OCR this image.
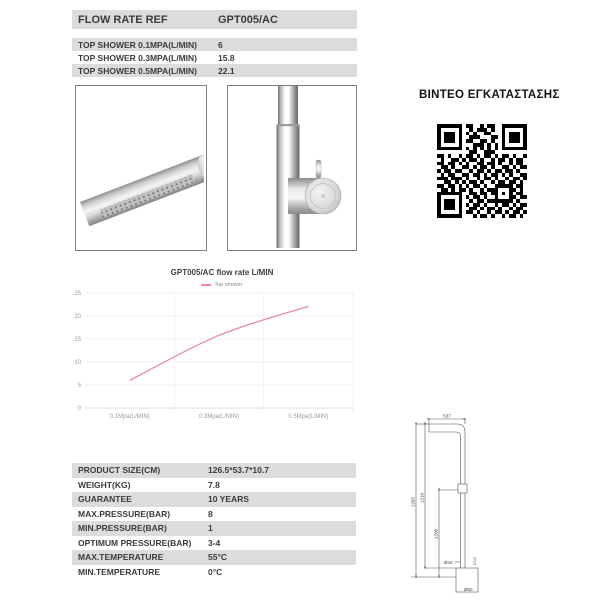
FLOW RATE REF	GPT005/AC
TOP SHOWER 0.1MPA(L/MIN)	6
TOP SHOWER 0.3MPA(L/MIN)	15.8
TOP SHOWER 0.5MPA(L/MIN)	22.1
ΒΙΝΤΕΟ ΕΓΚΑΤΑΣΤΑΣΗΣ
GPT005/AC flow rate L/MIN
Top shower
0
5
10
15
20
25
0.1Mpa(L/MIN)	0.3Mpa(L/MIN)	0.5Mpa(L/MIN)
PRODUCT SIZE(CM)	126.5*53.7*10.7
WEIGHT(KG)	7.8
GUARANTEE	10 YEARS
MAX.PRESSURE(BAR)	8
MIN.PRESSURE(BAR)	1
OPTIMUM PRESSURE(BAR)	3-4
MAX.TEMPERATURE	55°C
MIN.TEMPERATURE	0°C
537
1265 1210
1200
Ø42	G1/2
Ø60
